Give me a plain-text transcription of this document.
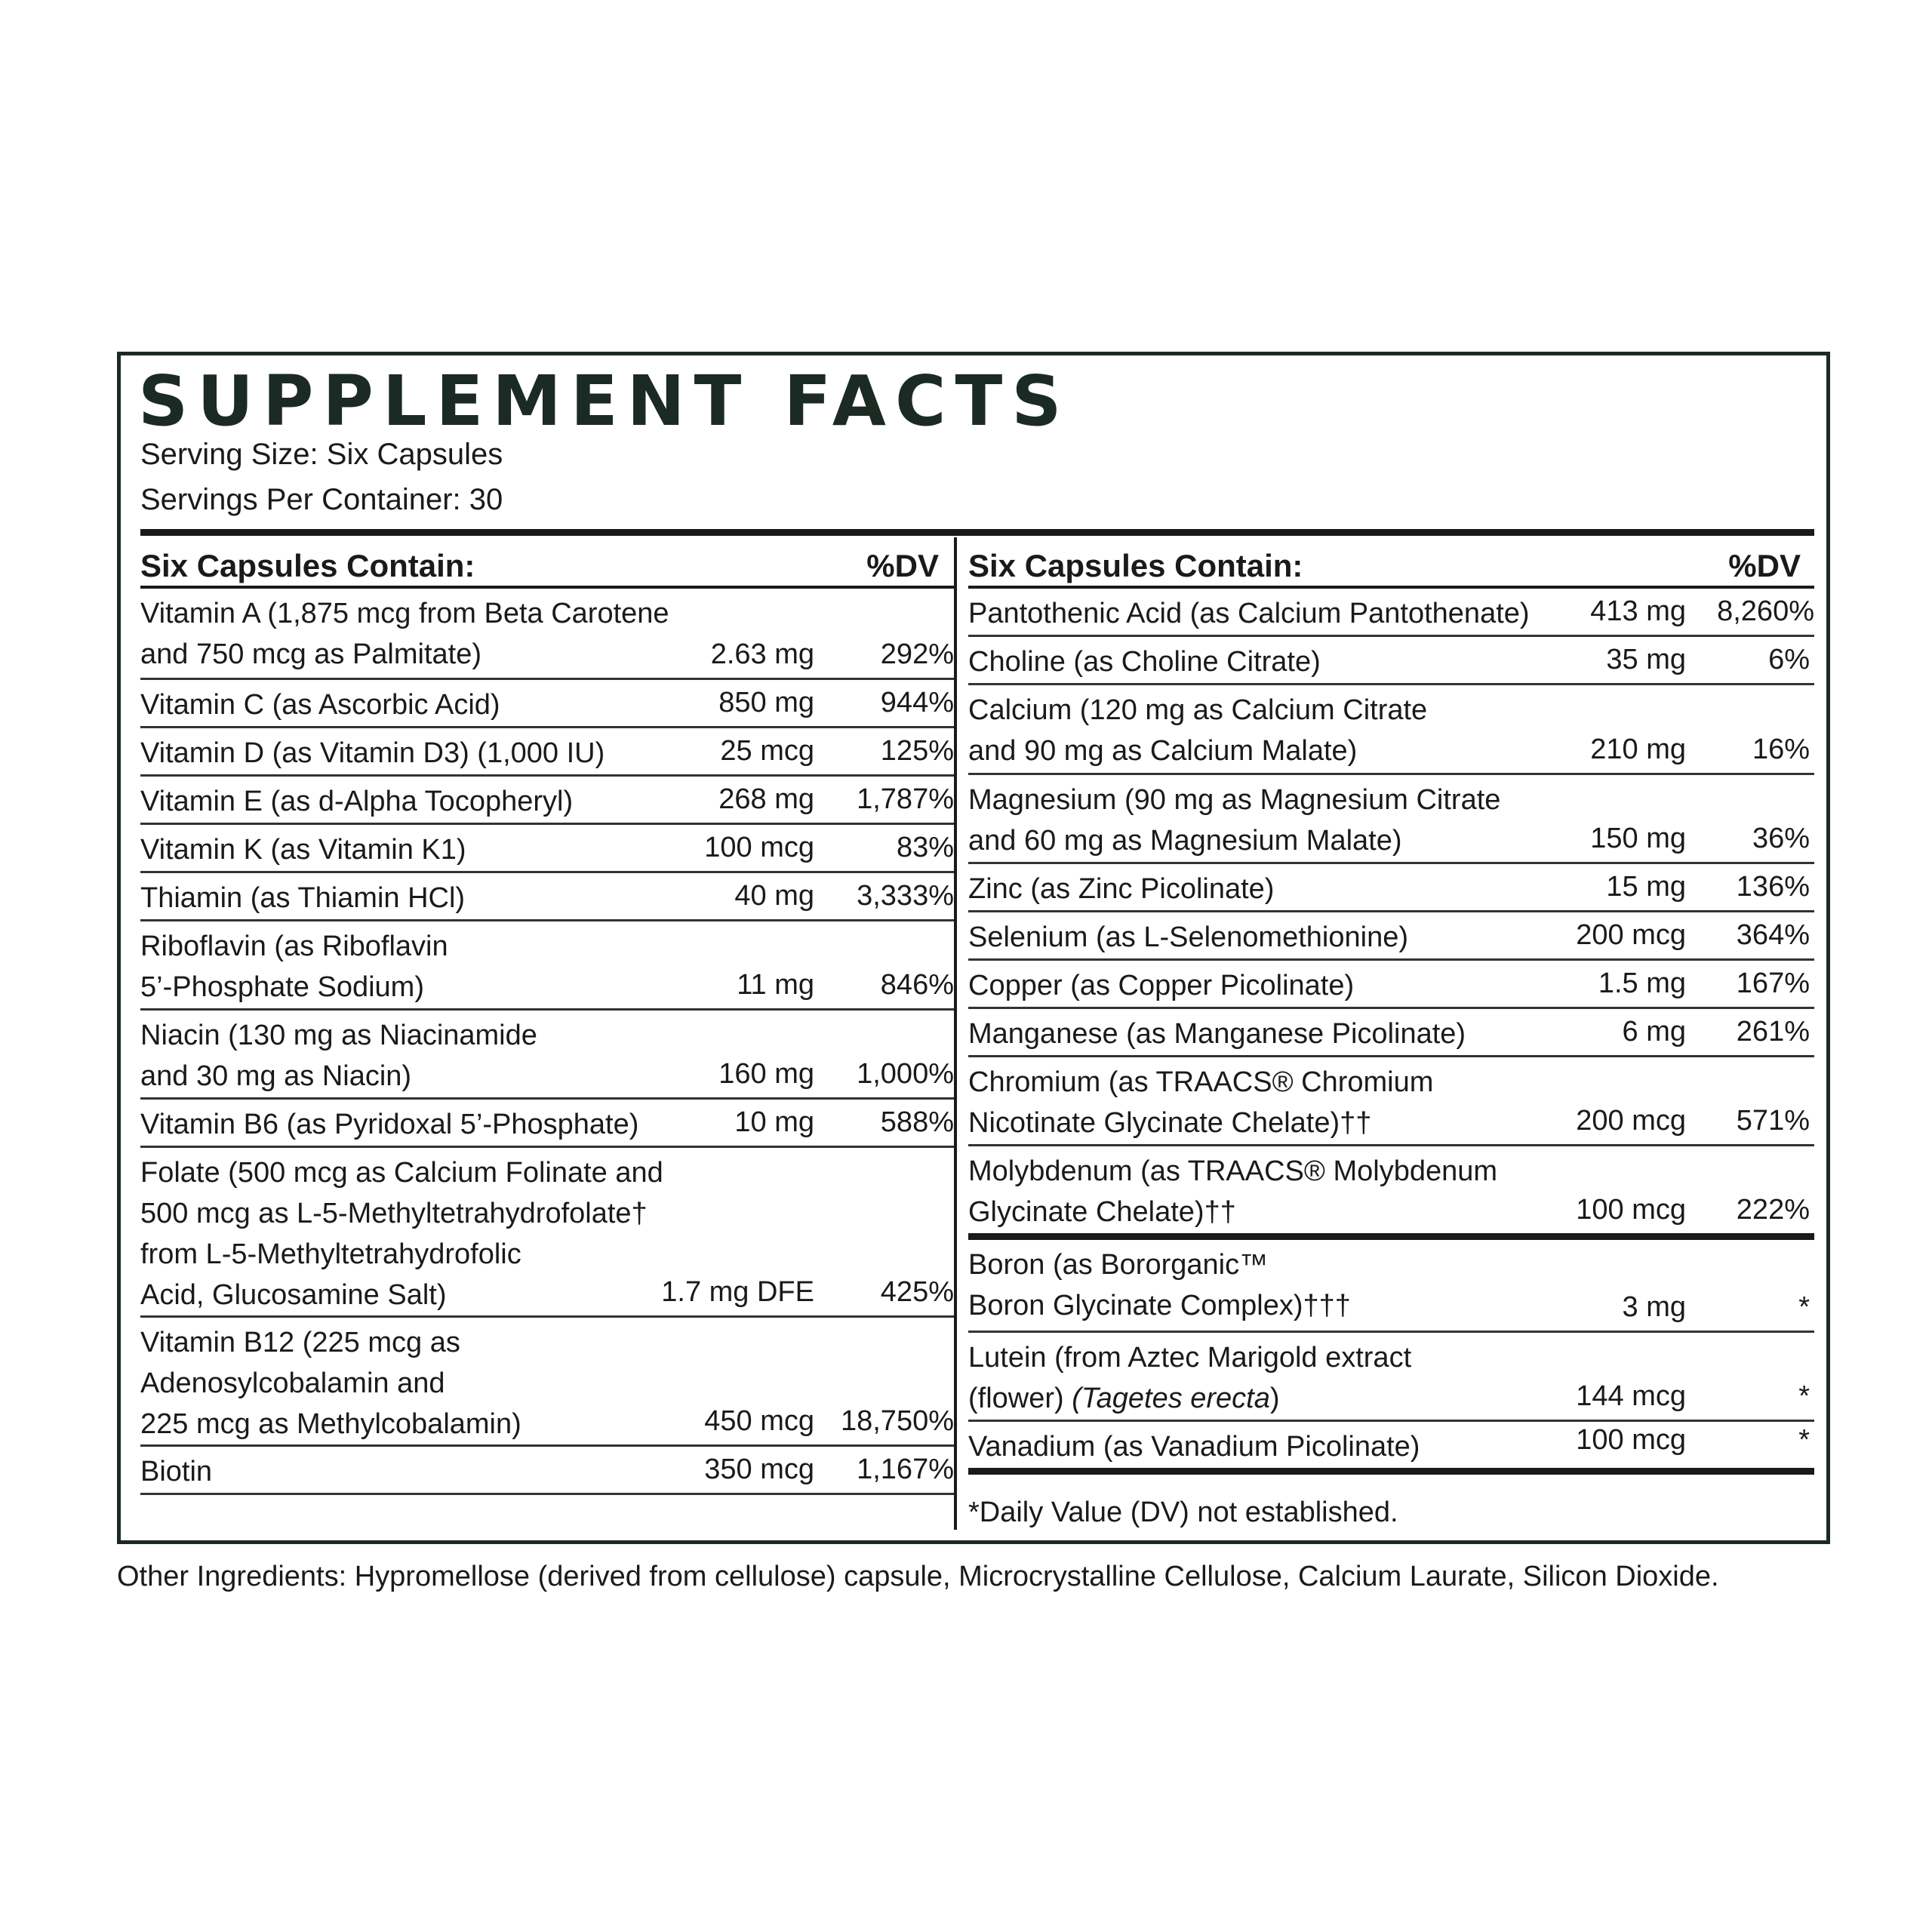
SUPPLEMENT FACTS
Serving Size: Six Capsules
Servings Per Container: 30
Six Capsules Contain:	%DV
Vitamin A (1,875 mcg from Beta Carotene
and 750 mcg as Palmitate)	2.63 mg 292%
Vitamin C (as Ascorbic Acid)	850 mg 944%
Vitamin D (as Vitamin D3) (1,000 IU)	25 mcg 125%
Vitamin E (as d-Alpha Tocopheryl)	268 mg 1,787%
Vitamin K (as Vitamin K1)	100 mcg	83%
Thiamin (as Thiamin HCl)	40 mg 3,333%
Riboflavin (as Riboflavin
5’-Phosphate Sodium)	11 mg 846%
Niacin (130 mg as Niacinamide
and 30 mg as Niacin)	160 mg 1,000%
Vitamin B6 (as Pyridoxal 5’-Phosphate)	10 mg 588%
Folate (500 mcg as Calcium Folinate and
500 mcg as L-5-Methyltetrahydrofolate†
from L-5-Methyltetrahydrofolic
Acid, Glucosamine Salt)	1.7 mg DFE 425%
Vitamin B12 (225 mcg as
Adenosylcobalamin and
225 mcg as Methylcobalamin)	450 mcg 18,750%
Biotin	350 mcg 1,167%
Six Capsules Contain:	%DV
Pantothenic Acid (as Calcium Pantothenate) 413 mg 8,260%
Choline (as Choline Citrate)	35 mg	6%
Calcium (120 mg as Calcium Citrate
and 90 mg as Calcium Malate)	210 mg 16%
Magnesium (90 mg as Magnesium Citrate
and 60 mg as Magnesium Malate)	150 mg 36%
Zinc (as Zinc Picolinate)	15 mg 136%
Selenium (as L-Selenomethionine)	200 mcg 364%
Copper (as Copper Picolinate)	1.5 mg 167%
Manganese (as Manganese Picolinate)	6 mg 261%
Chromium (as TRAACS® Chromium
Nicotinate Glycinate Chelate)††	200 mcg 571%
Molybdenum (as TRAACS® Molybdenum
Glycinate Chelate)††	100 mcg 222%
Boron (as Bororganic™
Boron Glycinate Complex)†††	3 mg	*
Lutein (from Aztec Marigold extract
(flower) (Tagetes erecta)	144 mcg	*
Vanadium (as Vanadium Picolinate)	100 mcg	*
*Daily Value (DV) not established.
Other Ingredients: Hypromellose (derived from cellulose) capsule, Microcrystalline Cellulose, Calcium Laurate, Silicon Dioxide.
